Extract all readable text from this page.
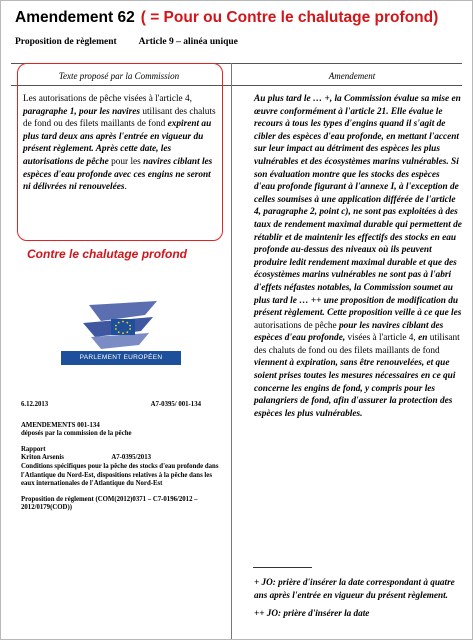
Amendement 62 ( = Pour ou Contre le chalutage profond)
Proposition de règlement Article 9 – alinéa unique
Texte proposé par la Commission	Amendement
Les autorisations de pêche visées à l'article 4, paragraphe 1, pour les navires utilisant des chaluts de fond ou des filets maillants de fond expirent au plus tard deux ans après l'entrée en vigueur du présent règlement. Après cette date, les autorisations de pêche pour les navires ciblant les espèces d'eau profonde avec ces engins ne seront ni délivrées ni renouvelées.
Contre le chalutage profond
PARLEMENT EUROPÉEN
6.12.2013	A7-0395/ 001-134
AMENDEMENTS 001-134
déposés par la commission de la pêche
Rapport
Kriton Arsenis	A7-0395/2013
Conditions spécifiques pour la pêche des stocks d'eau profonde dans l'Atlantique du Nord-Est, dispositions relatives à la pêche dans les eaux internationales de l'Atlantique du Nord-Est
Proposition de règlement (COM(2012)0371 – C7-0196/2012 – 2012/0179(COD))
Au plus tard le … +, la Commission évalue sa mise en œuvre conformément à l'article 21. Elle évalue le recours à tous les types d'engins quand il s'agit de cibler des espèces d'eau profonde, en mettant l'accent sur leur impact au détriment des espèces les plus vulnérables et des écosystèmes marins vulnérables. Si son évaluation montre que les stocks des espèces d'eau profonde figurant à l'annexe I, à l'exception de celles soumises à une application différée de l'article 4, paragraphe 2, point c), ne sont pas exploitées à des taux de rendement maximal durable qui permettent de rétablir et de maintenir les effectifs des stocks en eau profonde au-dessus des niveaux où ils peuvent produire ledit rendement maximal durable et que des écosystèmes marins vulnérables ne sont pas à l'abri d'effets néfastes notables, la Commission soumet au plus tard le … ++ une proposition de modification du présent règlement. Cette proposition veille à ce que les autorisations de pêche pour les navires ciblant des espèces d'eau profonde, visées à l'article 4, en utilisant des chaluts de fond ou des filets maillants de fond viennent à expiration, sans être renouvelées, et que soient prises toutes les mesures nécessaires en ce qui concerne les engins de fond, y compris pour les palangriers de fond, afin d'assurer la protection des espèces les plus vulnérables.
+ JO: prière d'insérer la date correspondant à quatre ans après l'entrée en vigueur du présent règlement.
++ JO: prière d'insérer la date
